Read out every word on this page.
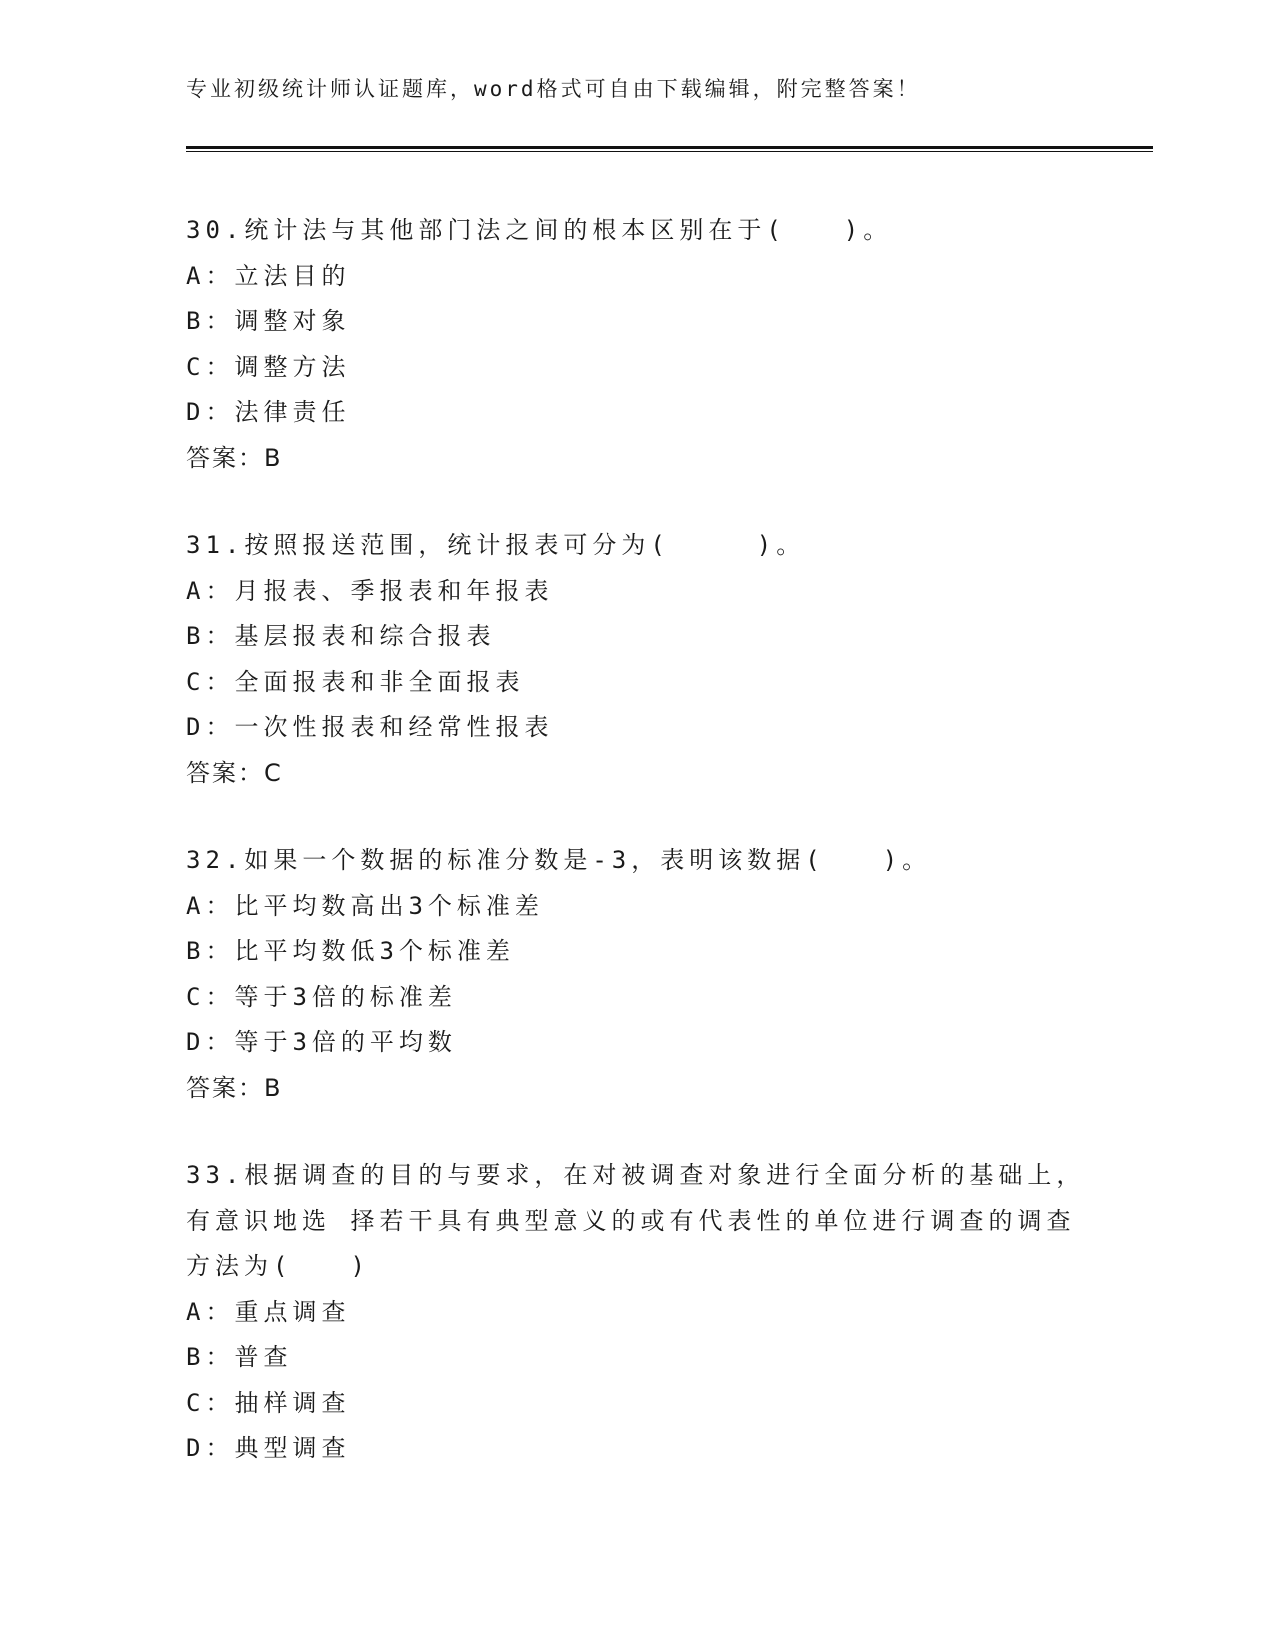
专业初级统计师认证题库，word格式可自由下载编辑，附完整答案！
30.统计法与其他部门法之间的根本区别在于(　　)。
A：立法目的
B：调整对象
C：调整方法
D：法律责任
答案：B
31.按照报送范围，统计报表可分为(　　　)。
A：月报表、季报表和年报表
B：基层报表和综合报表
C：全面报表和非全面报表
D：一次性报表和经常性报表
答案：C
32.如果一个数据的标准分数是-3，表明该数据(　　)。
A：比平均数高出3个标准差
B：比平均数低3个标准差
C：等于3倍的标准差
D：等于3倍的平均数
答案：B
33.根据调查的目的与要求，在对被调查对象进行全面分析的基础上，
有意识地选 择若干具有典型意义的或有代表性的单位进行调查的调查
方法为(　　)
A：重点调查
B：普查
C：抽样调查
D：典型调查
